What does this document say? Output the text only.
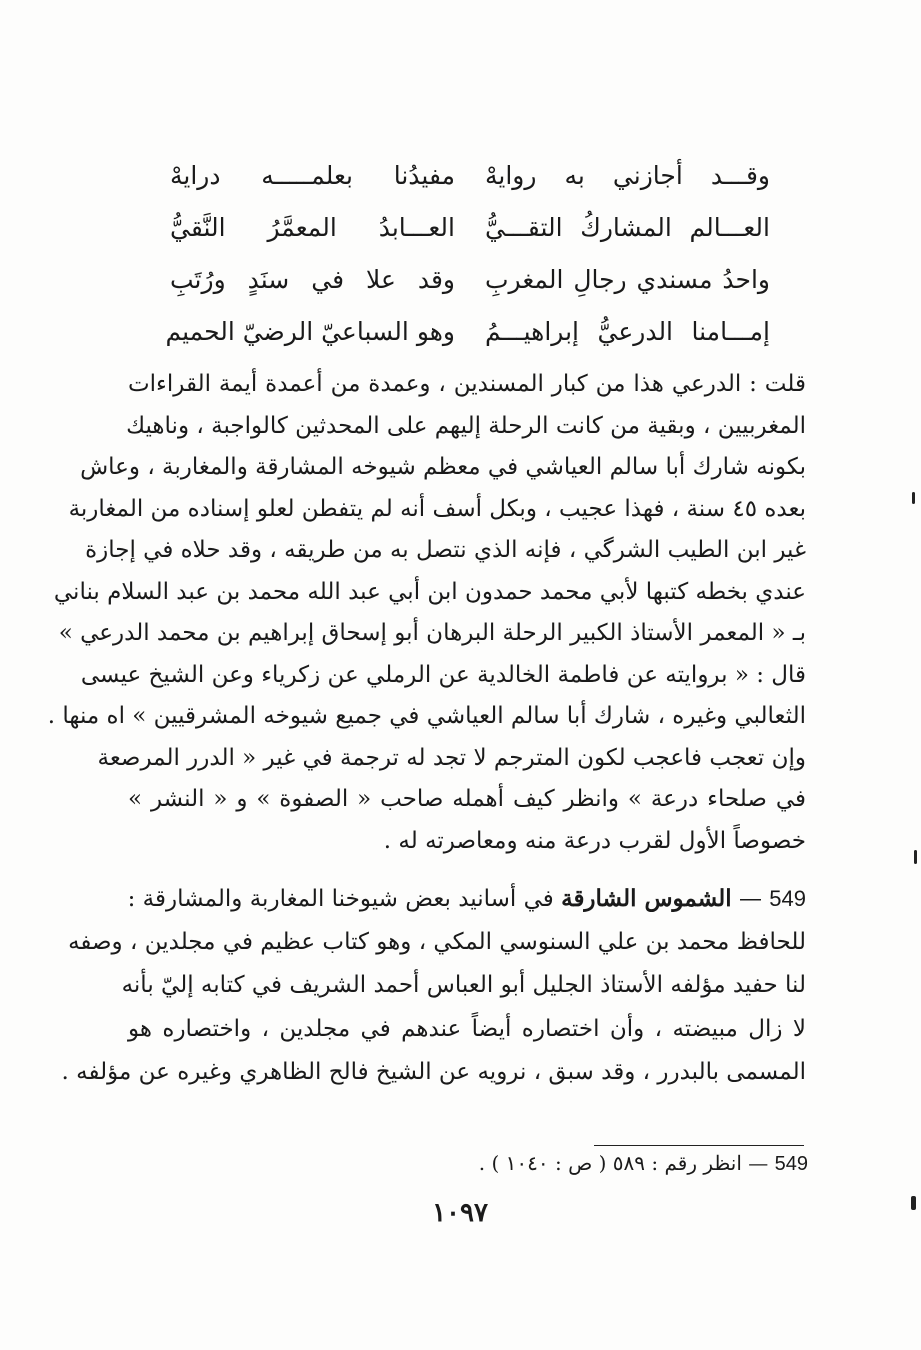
وقـــد أجازني به روايهْ
مفيدُنا بعلمـــــه درايهْ
العـــالم المشاركُ التقـــيُّ
العـــابدُ المعمَّرُ النَّقيُّ
واحدُ مسندي رجالِ المغربِ
وقد علا في سنَدٍ ورُتَبِ
إمـــامنا الدرعيُّ إبراهيـــمُ
وهو السباعيّ الرضيّ الحميم
قلت : الدرعي هذا من كبار المسندين ، وعمدة من أعمدة أيمة القراءات
المغربيين ، وبقية من كانت الرحلة إليهم على المحدثين كالواجبة ، وناهيك
بكونه شارك أبا سالم العياشي في معظم شيوخه المشارقة والمغاربة ، وعاش
بعده ٤٥ سنة ، فهذا عجيب ، وبكل أسف أنه لم يتفطن لعلو إسناده من المغاربة
غير ابن الطيب الشرگي ، فإنه الذي نتصل به من طريقه ، وقد حلاه في إجازة
عندي بخطه كتبها لأبي محمد حمدون ابن أبي عبد الله محمد بن عبد السلام بناني
بـ « المعمر الأستاذ الكبير الرحلة البرهان أبو إسحاق إبراهيم بن محمد الدرعي »
قال : « بروايته عن فاطمة الخالدية عن الرملي عن زكرياء وعن الشيخ عيسى
الثعالبي وغيره ، شارك أبا سالم العياشي في جميع شيوخه المشرقيين » اه منها .
وإن تعجب فاعجب لكون المترجم لا تجد له ترجمة في غير « الدرر المرصعة
في صلحاء درعة » وانظر كيف أهمله صاحب « الصفوة » و « النشر »
خصوصاً الأول لقرب درعة منه ومعاصرته له .
549 — الشموس الشارقة في أسانيد بعض شيوخنا المغاربة والمشارقة :
للحافظ محمد بن علي السنوسي المكي ، وهو كتاب عظيم في مجلدين ، وصفه
لنا حفيد مؤلفه الأستاذ الجليل أبو العباس أحمد الشريف في كتابه إليّ بأنه
لا زال مبيضته ، وأن اختصاره أيضاً عندهم في مجلدين ، واختصاره هو
المسمى بالبدرر ، وقد سبق ، نرويه عن الشيخ فالح الظاهري وغيره عن مؤلفه .
549 — انظر رقم : ٥٨٩ ( ص : ١٠٤٠ ) .
١٠٩٧
